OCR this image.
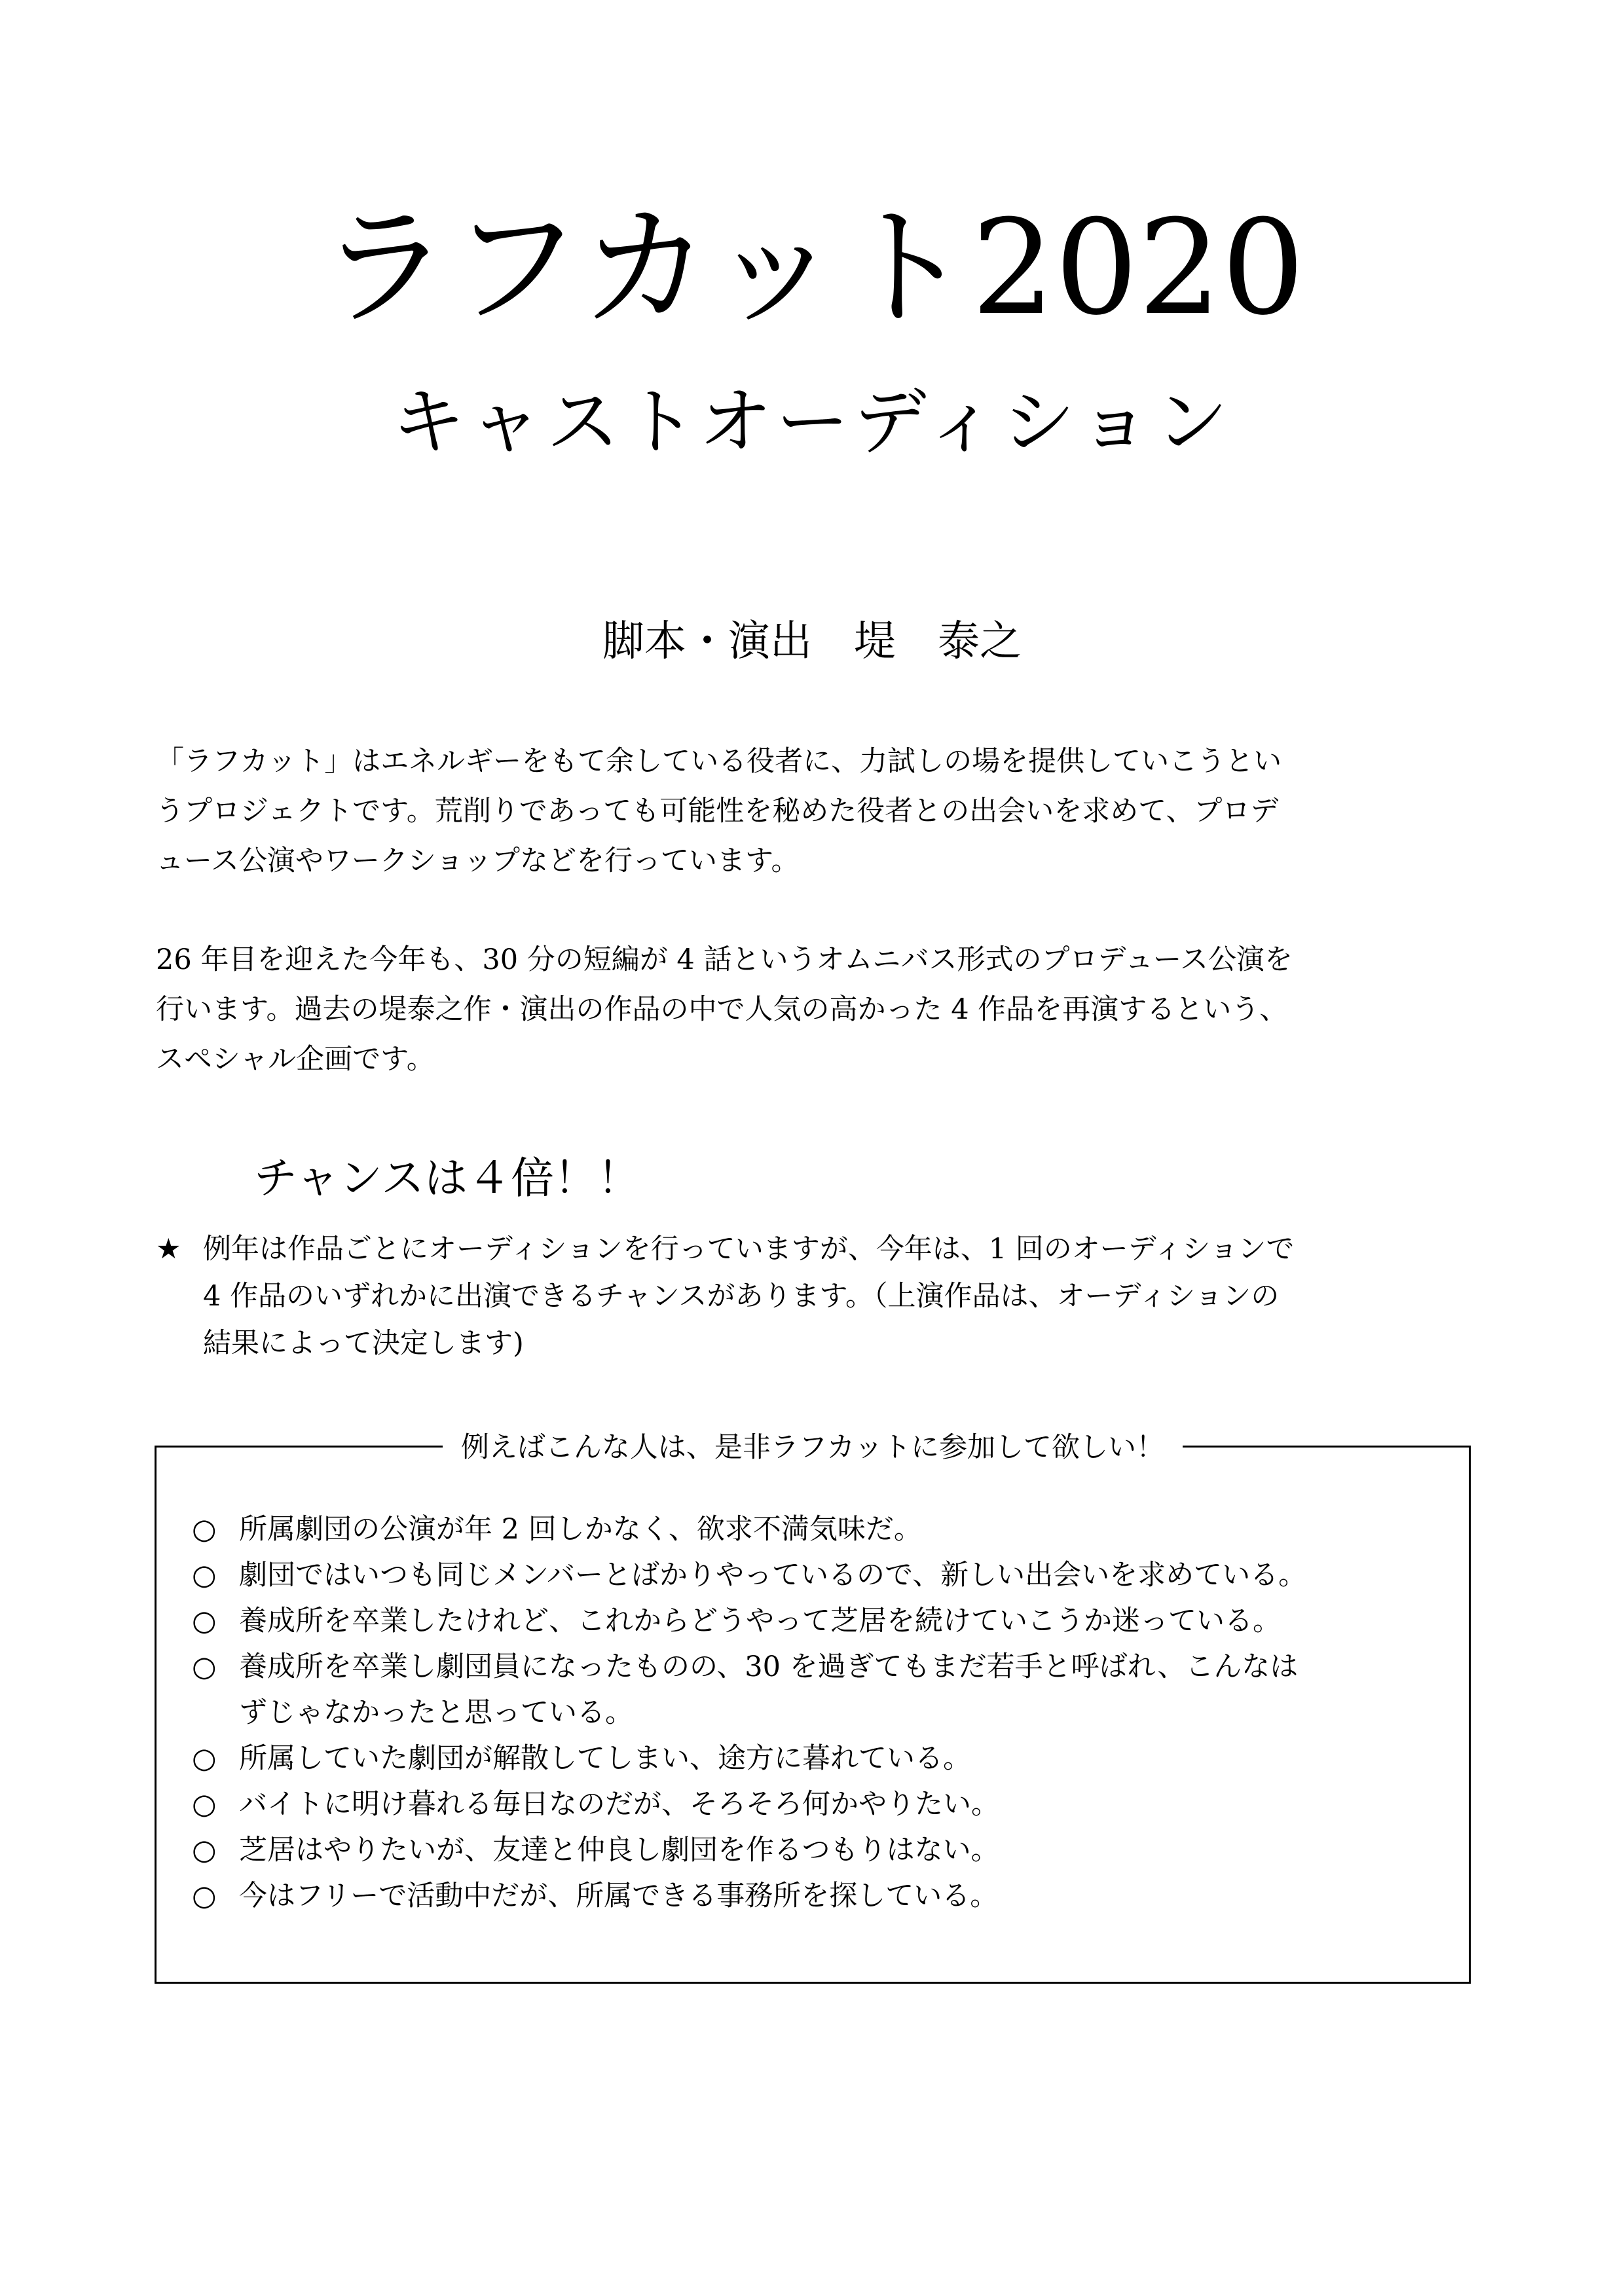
ラフカット2020
キャストオーディション
脚本・演出 堤 泰之

「ラフカット」はエネルギーをもて余している役者に、力試しの場を提供していこうとい
うプロジェクトです。荒削りであっても可能性を秘めた役者との出会いを求めて、プロデ
ュース公演やワークショップなどを行っています。

26 年目を迎えた今年も、30 分の短編が 4 話というオムニバス形式のプロデュース公演を
行います。過去の堤泰之作・演出の作品の中で人気の高かった 4 作品を再演するという、
スペシャル企画です。

チャンスは４倍！！
★ 例年は作品ごとにオーディションを行っていますが、今年は、1 回のオーディションで
4 作品のいずれかに出演できるチャンスがあります。（上演作品は、オーディションの
結果によって決定します)
例えばこんな人は、是非ラフカットに参加して欲しい！
○ 所属劇団の公演が年 2 回しかなく、欲求不満気味だ。
○ 劇団ではいつも同じメンバーとばかりやっているので、新しい出会いを求めている。
○ 養成所を卒業したけれど、これからどうやって芝居を続けていこうか迷っている。
○ 養成所を卒業し劇団員になったものの、30 を過ぎてもまだ若手と呼ばれ、こんなは
ずじゃなかったと思っている。
○ 所属していた劇団が解散してしまい、途方に暮れている。
○ バイトに明け暮れる毎日なのだが、そろそろ何かやりたい。
○ 芝居はやりたいが、友達と仲良し劇団を作るつもりはない。
○ 今はフリーで活動中だが、所属できる事務所を探している。
